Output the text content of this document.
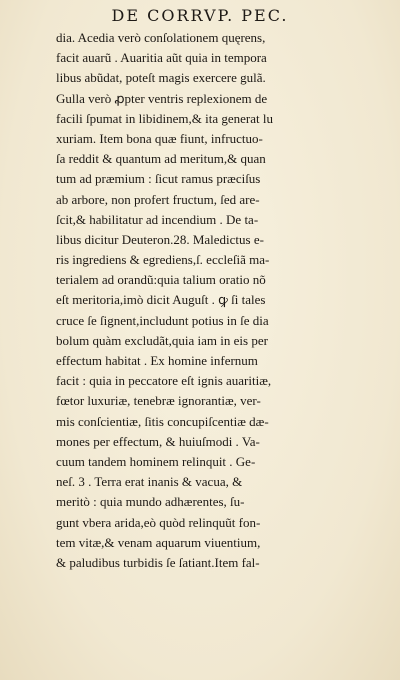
DE CORRVP. PEC.
dia. Acedia verò conſolationem quęrens,
facit auarũ . Auaritia aũt quia in tempora
libus abũdat, poteſt magis exercere gulã.
Gulla verò ꝓpter ventris replexionem de
facili ſpumat in libidinem,& ita generat lu
xuriam. Item bona quæ fiunt, infructuo-
ſa reddit & quantum ad meritum,& quan
tum ad præmium : ſicut ramus præciſus
ab arbore, non profert fructum, ſed are-
ſcit,& habilitatur ad incendium . De ta-
libus dicitur Deuteron.28. Maledictus e-
ris ingrediens & egrediens,ſ. eccleſiã ma-
terialem ad orandũ:quia talium oratio nõ
eſt meritoria,imò dicit Auguſt . ꝙ ſi tales
cruce ſe ſignent,includunt potius in ſe dia
bolum quàm excludãt,quia iam in eis per
effectum habitat . Ex homine infernum
facit : quia in peccatore eſt ignis auaritiæ,
fœtor luxuriæ, tenebræ ignorantiæ, ver-
mis conſcientiæ, ſitis concupiſcentiæ dæ-
mones per effectum, & huiuſmodi . Va-
cuum tandem hominem relinquit . Ge-
neſ. 3 . Terra erat inanis & vacua, &
meritò : quia mundo adhærentes, ſu-
gunt vbera arida,eò quòd relinquũt fon-
tem vitæ,& venam aquarum viuentium,
& paludibus turbidis ſe ſatiant.Item fal-
